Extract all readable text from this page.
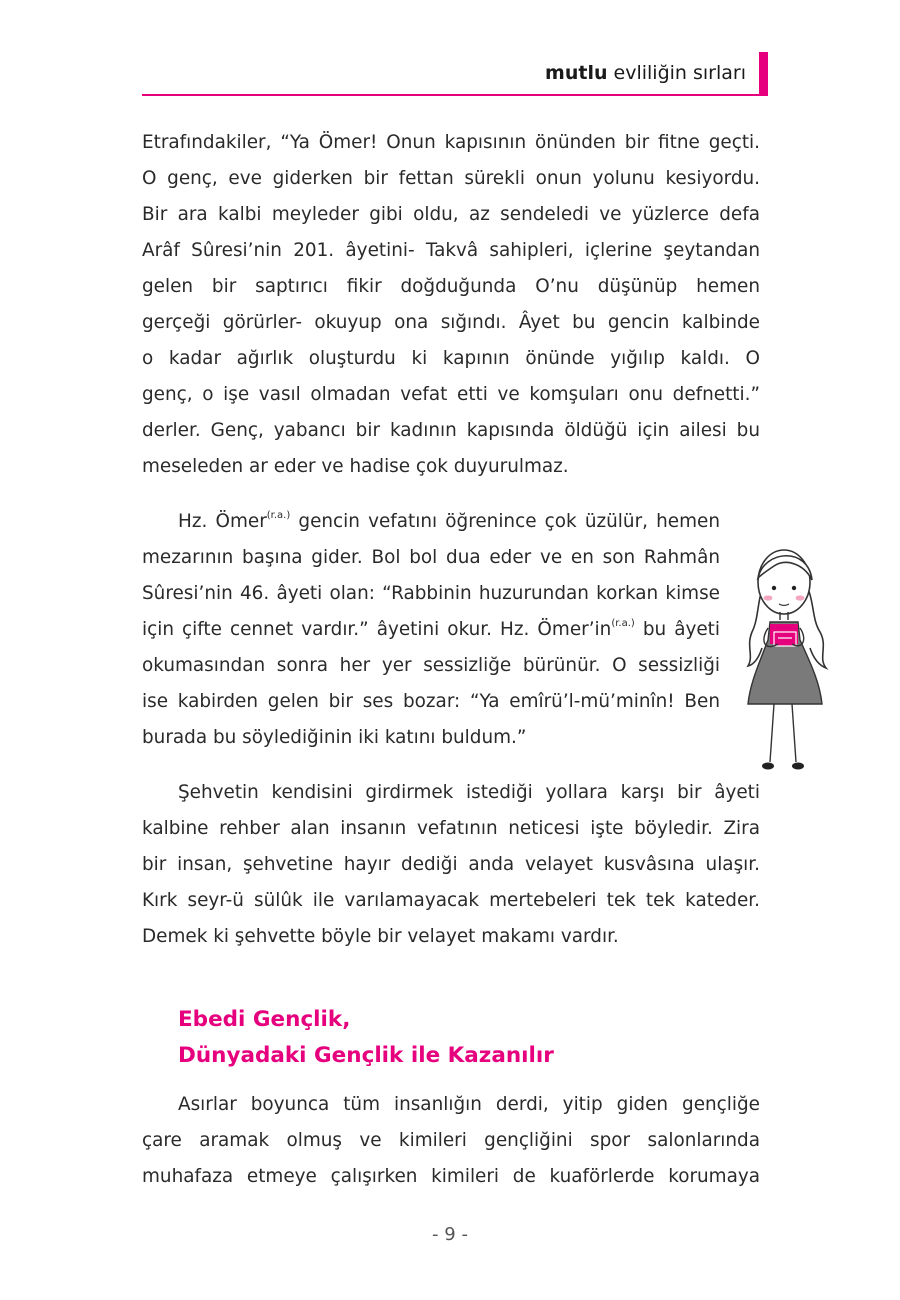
mutlu evliliğin sırları
Etrafındakiler, “Ya Ömer! Onun kapısının önünden bir fitne geçti.
O genç, eve giderken bir fettan sürekli onun yolunu kesiyordu.
Bir ara kalbi meyleder gibi oldu, az sendeledi ve yüzlerce defa
Arâf Sûresi’nin 201. âyetini- Takvâ sahipleri, içlerine şeytandan
gelen bir saptırıcı fikir doğduğunda O’nu düşünüp hemen
gerçeği görürler- okuyup ona sığındı. Âyet bu gencin kalbinde
o kadar ağırlık oluşturdu ki kapının önünde yığılıp kaldı. O
genç, o işe vasıl olmadan vefat etti ve komşuları onu defnetti.”
derler. Genç, yabancı bir kadının kapısında öldüğü için ailesi bu
meseleden ar eder ve hadise çok duyurulmaz.
Hz. Ömer$^{(r.a.)}$ gencin vefatını öğrenince çok üzülür, hemen
mezarının başına gider. Bol bol dua eder ve en son Rahmân
Sûresi’nin 46. âyeti olan: “Rabbinin huzurundan korkan kimse
için çifte cennet vardır.” âyetini okur. Hz. $Ömer’in^{(r.a.)}$ bu âyeti
okumasından sonra her yer sessizliğe bürünür. O sessizliği
ise kabirden gelen bir ses bozar: “Ya emîrü’l-mü’minîn! Ben
burada bu söylediğinin iki katını buldum.”
Şehvetin kendisini girdirmek istediği yollara karşı bir âyeti
kalbine rehber alan insanın vefatının neticesi işte böyledir. Zira
bir insan, şehvetine hayır dediği anda velayet kusvâsına ulaşır.
Kırk seyr-ü sülûk ile varılamayacak mertebeleri tek tek kateder.
Demek ki şehvette böyle bir velayet makamı vardır.
Ebedi Gençlik,
Dünyadaki Gençlik ile Kazanılır
Asırlar boyunca tüm insanlığın derdi, yitip giden gençliğe
çare aramak olmuş ve kimileri gençliğini spor salonlarında
muhafaza etmeye çalışırken kimileri de kuaförlerde korumaya
- 9 -
